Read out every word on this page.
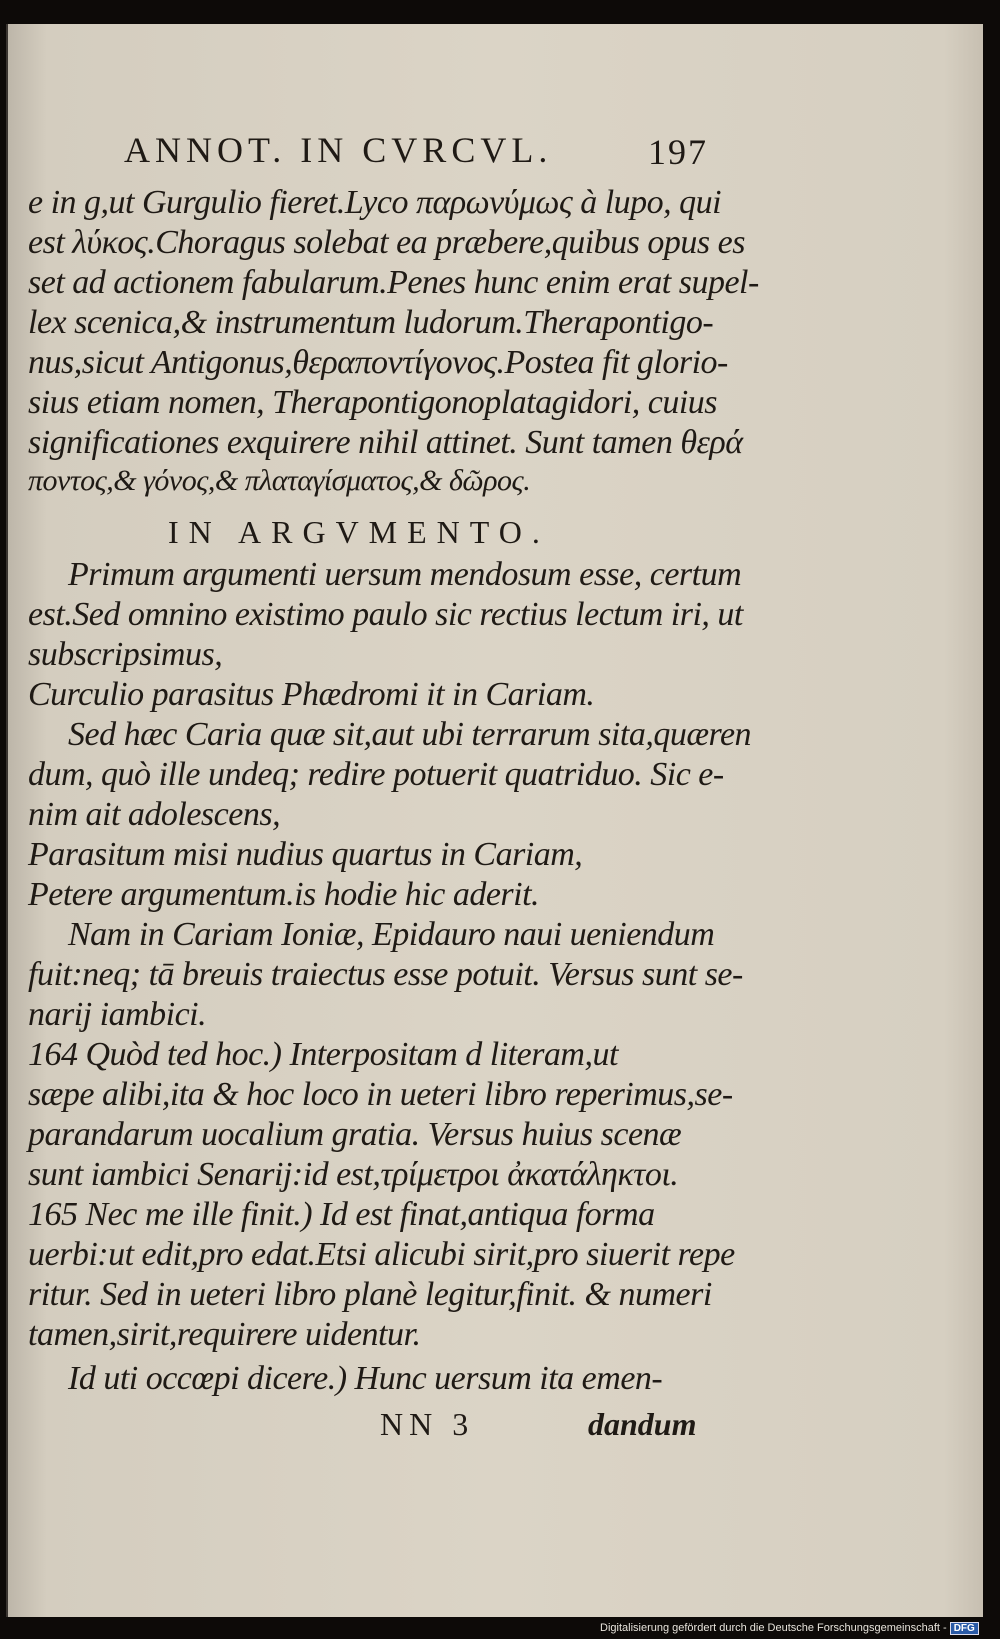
ANNOT. IN CVRCVL.	197
e in g,ut Gurgulio fieret.Lyco παρωνύμως à lupo, qui
est λύκος.Choragus solebat ea præbere,quibus opus es
set ad actionem fabularum.Penes hunc enim erat supel-
lex scenica,& instrumentum ludorum.Therapontigo-
nus,sicut Antigonus,θεραποντίγονος.Postea fit glorio-
sius etiam nomen, Therapontigonoplatagidori, cuius
significationes exquirere nihil attinet. Sunt tamen θερά
ποντος,& γόνος,& πλαταγίσματος,& δῶρος.
IN ARGVMENTO.
Primum argumenti uersum mendosum esse, certum
est.Sed omnino existimo paulo sic rectius lectum iri, ut
subscripsimus,
Curculio parasitus Phædromi it in Cariam.
Sed hæc Caria quæ sit,aut ubi terrarum sita,quæren
dum, quò ille undeq; redire potuerit quatriduo. Sic e-
nim ait adolescens,
Parasitum misi nudius quartus in Cariam,
Petere argumentum.is hodie hic aderit.
Nam in Cariam Ioniæ, Epidauro naui ueniendum
fuit:neq; tā breuis traiectus esse potuit. Versus sunt se-
narij iambici.
164 Quòd ted hoc.) Interpositam d literam,ut
sæpe alibi,ita & hoc loco in ueteri libro reperimus,se-
parandarum uocalium gratia. Versus huius scenæ
sunt iambici Senarij:id est,τρίμετροι ἀκατάληκτοι.
165 Nec me ille finit.) Id est finat,antiqua forma
uerbi:ut edit,pro edat.Etsi alicubi sirit,pro siuerit repe
ritur. Sed in ueteri libro planè legitur,finit. & numeri
tamen,sirit,requirere uidentur.
Id uti occœpi dicere.) Hunc uersum ita emen-
NN 3	dandum
Digitalisierung gefördert durch die Deutsche Forschungsgemeinschaft - DFG
